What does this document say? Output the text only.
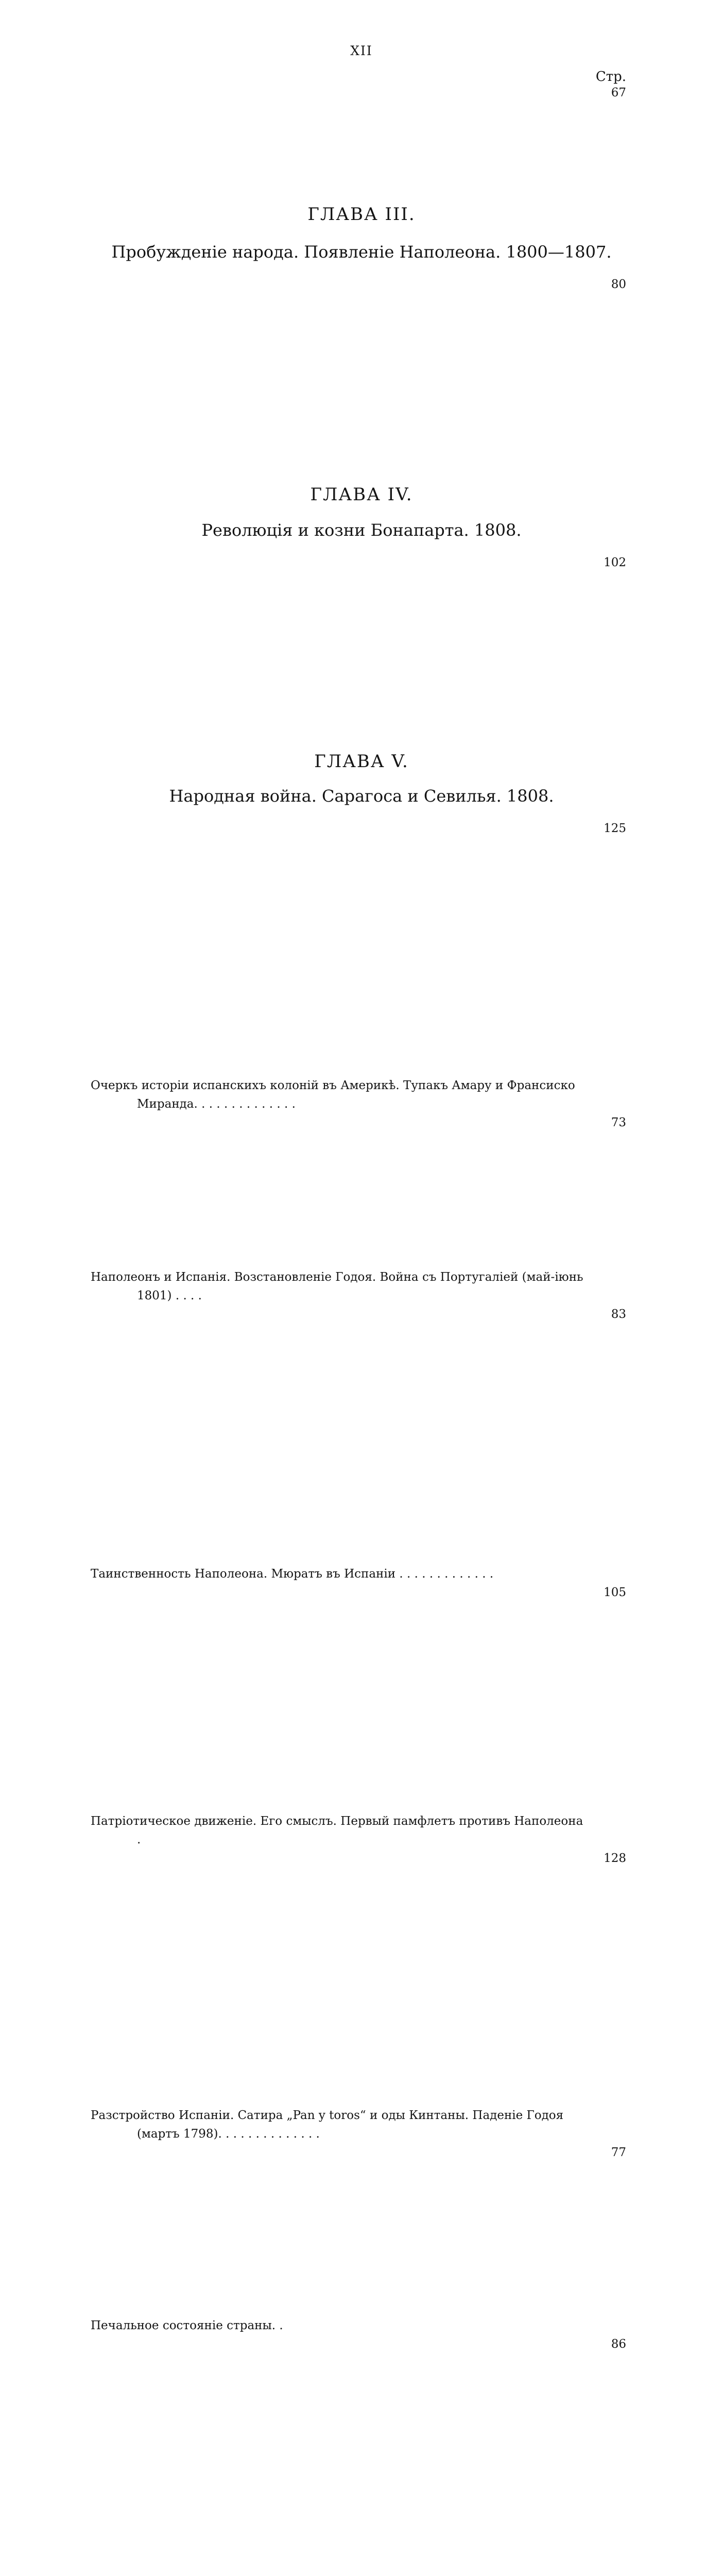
XII
Стр.
Очеркъ исторіи испанскихъ колоній въ Америкѣ. Тупакъ Амару и Франсиско Миранда. . . . . . . . . . . . . .
67
Разстройство Испаніи. Сатира „Pan y toros“ и оды Кинтаны. Паденіе Годоя (мартъ 1798). . . . . . . . . . . . . .
73
77
ГЛАВА III.
Пробужденіе народа. Появленіе Наполеона. 1800—1807.
Наполеонъ и Испанія. Возстановленіе Годоя. Война съ Португаліей (май-іюнь 1801) . . . .
80
Печальное состояніе страны. .
83
86
ГЛАВА IV.
Революція и козни Бонапарта. 1808.
Таинственность Наполеона. Мюратъ въ Испаніи . . . . . . . . . . . . .
102
105
ГЛАВА V.
Народная война. Сарагоса и Севилья. 1808.
Патріотическое движеніе. Его смыслъ. Первый памфлетъ противъ Наполеона .
125
128
